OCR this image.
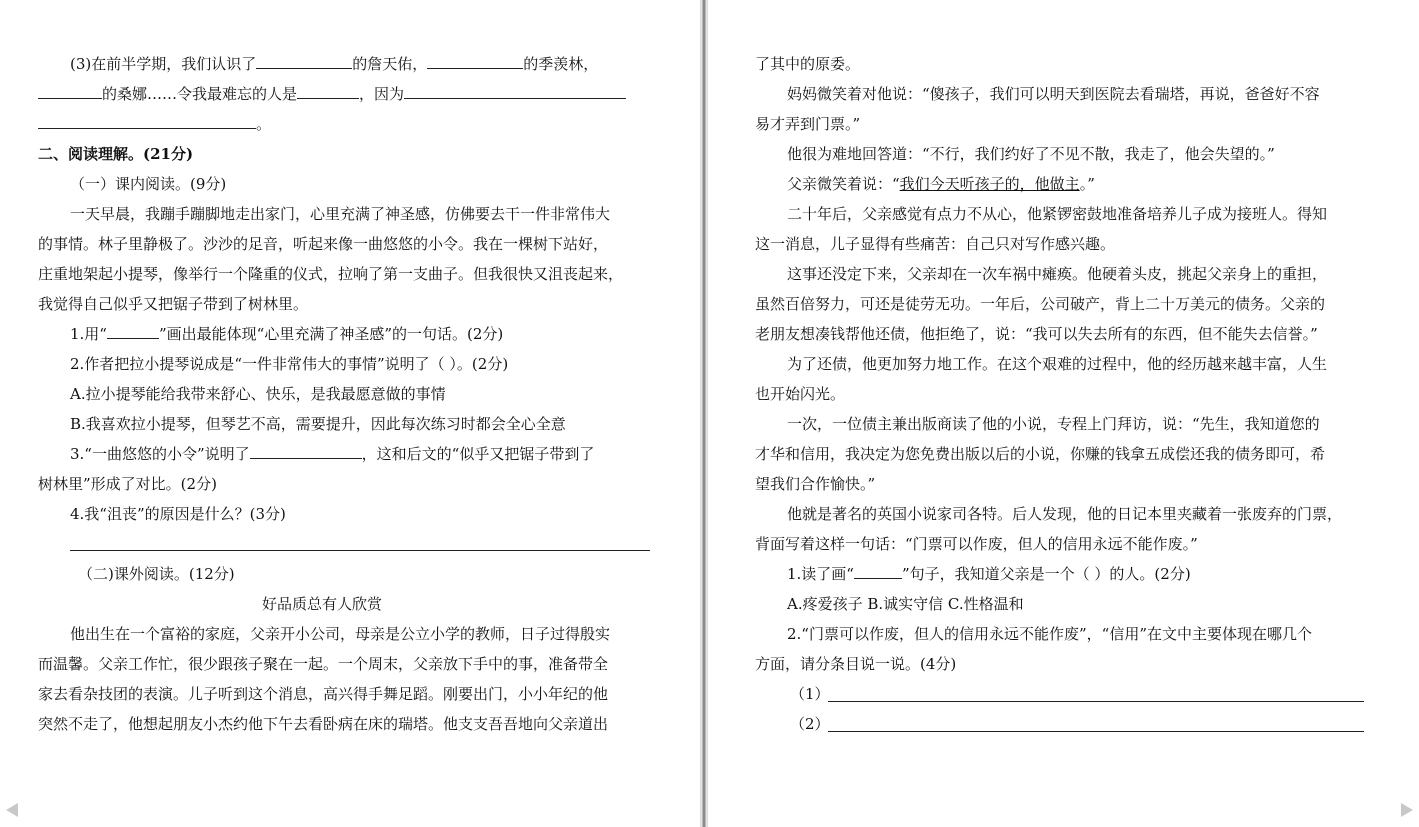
(3)在前半学期，我们认识了	的詹天佑，	的季羡林，
的桑娜……令我最难忘的人是	，因为
。
二、阅读理解。(21分)
（一）课内阅读。(9分)
一天早晨，我蹦手蹦脚地走出家门，心里充满了神圣感，仿佛要去干一件非常伟大
的事情。林子里静极了。沙沙的足音，听起来像一曲悠悠的小令。我在一棵树下站好，
庄重地架起小提琴，像举行一个隆重的仪式，拉响了第一支曲子。但我很快又沮丧起来，
我觉得自己似乎又把锯子带到了树林里。
1.用“	”画出最能体现“心里充满了神圣感”的一句话。(2分)
2.作者把拉小提琴说成是“一件非常伟大的事情”说明了（ ）。(2分)
A.拉小提琴能给我带来舒心、快乐，是我最愿意做的事情
B.我喜欢拉小提琴，但琴艺不高，需要提升，因此每次练习时都会全心全意
3.“一曲悠悠的小令”说明了	，这和后文的“似乎又把锯子带到了
树林里”形成了对比。(2分)
4.我“沮丧”的原因是什么？(3分)
（二)课外阅读。(12分)
好品质总有人欣赏
他出生在一个富裕的家庭，父亲开小公司，母亲是公立小学的教师，日子过得殷实
而温馨。父亲工作忙，很少跟孩子聚在一起。一个周末，父亲放下手中的事，准备带全
家去看杂技团的表演。儿子听到这个消息，高兴得手舞足蹈。刚要出门，小小年纪的他
突然不走了，他想起朋友小杰约他下午去看卧病在床的瑞塔。他支支吾吾地向父亲道出
了其中的原委。
妈妈微笑着对他说：“傻孩子，我们可以明天到医院去看瑞塔，再说，爸爸好不容
易才弄到门票。”
他很为难地回答道：“不行，我们约好了不见不散，我走了，他会失望的。”
父亲微笑着说：“我们今天听孩子的，他做主。”
二十年后，父亲感觉有点力不从心，他紧锣密鼓地准备培养儿子成为接班人。得知
这一消息，儿子显得有些痛苦：自己只对写作感兴趣。
这事还没定下来，父亲却在一次车祸中瘫痪。他硬着头皮，挑起父亲身上的重担，
虽然百倍努力，可还是徒劳无功。一年后，公司破产，背上二十万美元的债务。父亲的
老朋友想凑钱帮他还债，他拒绝了，说：“我可以失去所有的东西，但不能失去信誉。”
为了还债，他更加努力地工作。在这个艰难的过程中，他的经历越来越丰富，人生
也开始闪光。
一次，一位债主兼出版商读了他的小说，专程上门拜访，说：“先生，我知道您的
才华和信用，我决定为您免费出版以后的小说，你赚的钱拿五成偿还我的债务即可，希
望我们合作愉快。”
他就是著名的英国小说家司各特。后人发现，他的日记本里夹藏着一张废弃的门票，
背面写着这样一句话：“门票可以作废，但人的信用永远不能作废。”
1.读了画“	”句子，我知道父亲是一个（ ）的人。(2分)
A.疼爱孩子 B.诚实守信 C.性格温和
2.“门票可以作废，但人的信用永远不能作废”，“信用”在文中主要体现在哪几个
方面，请分条目说一说。(4分)
（1）
（2）
